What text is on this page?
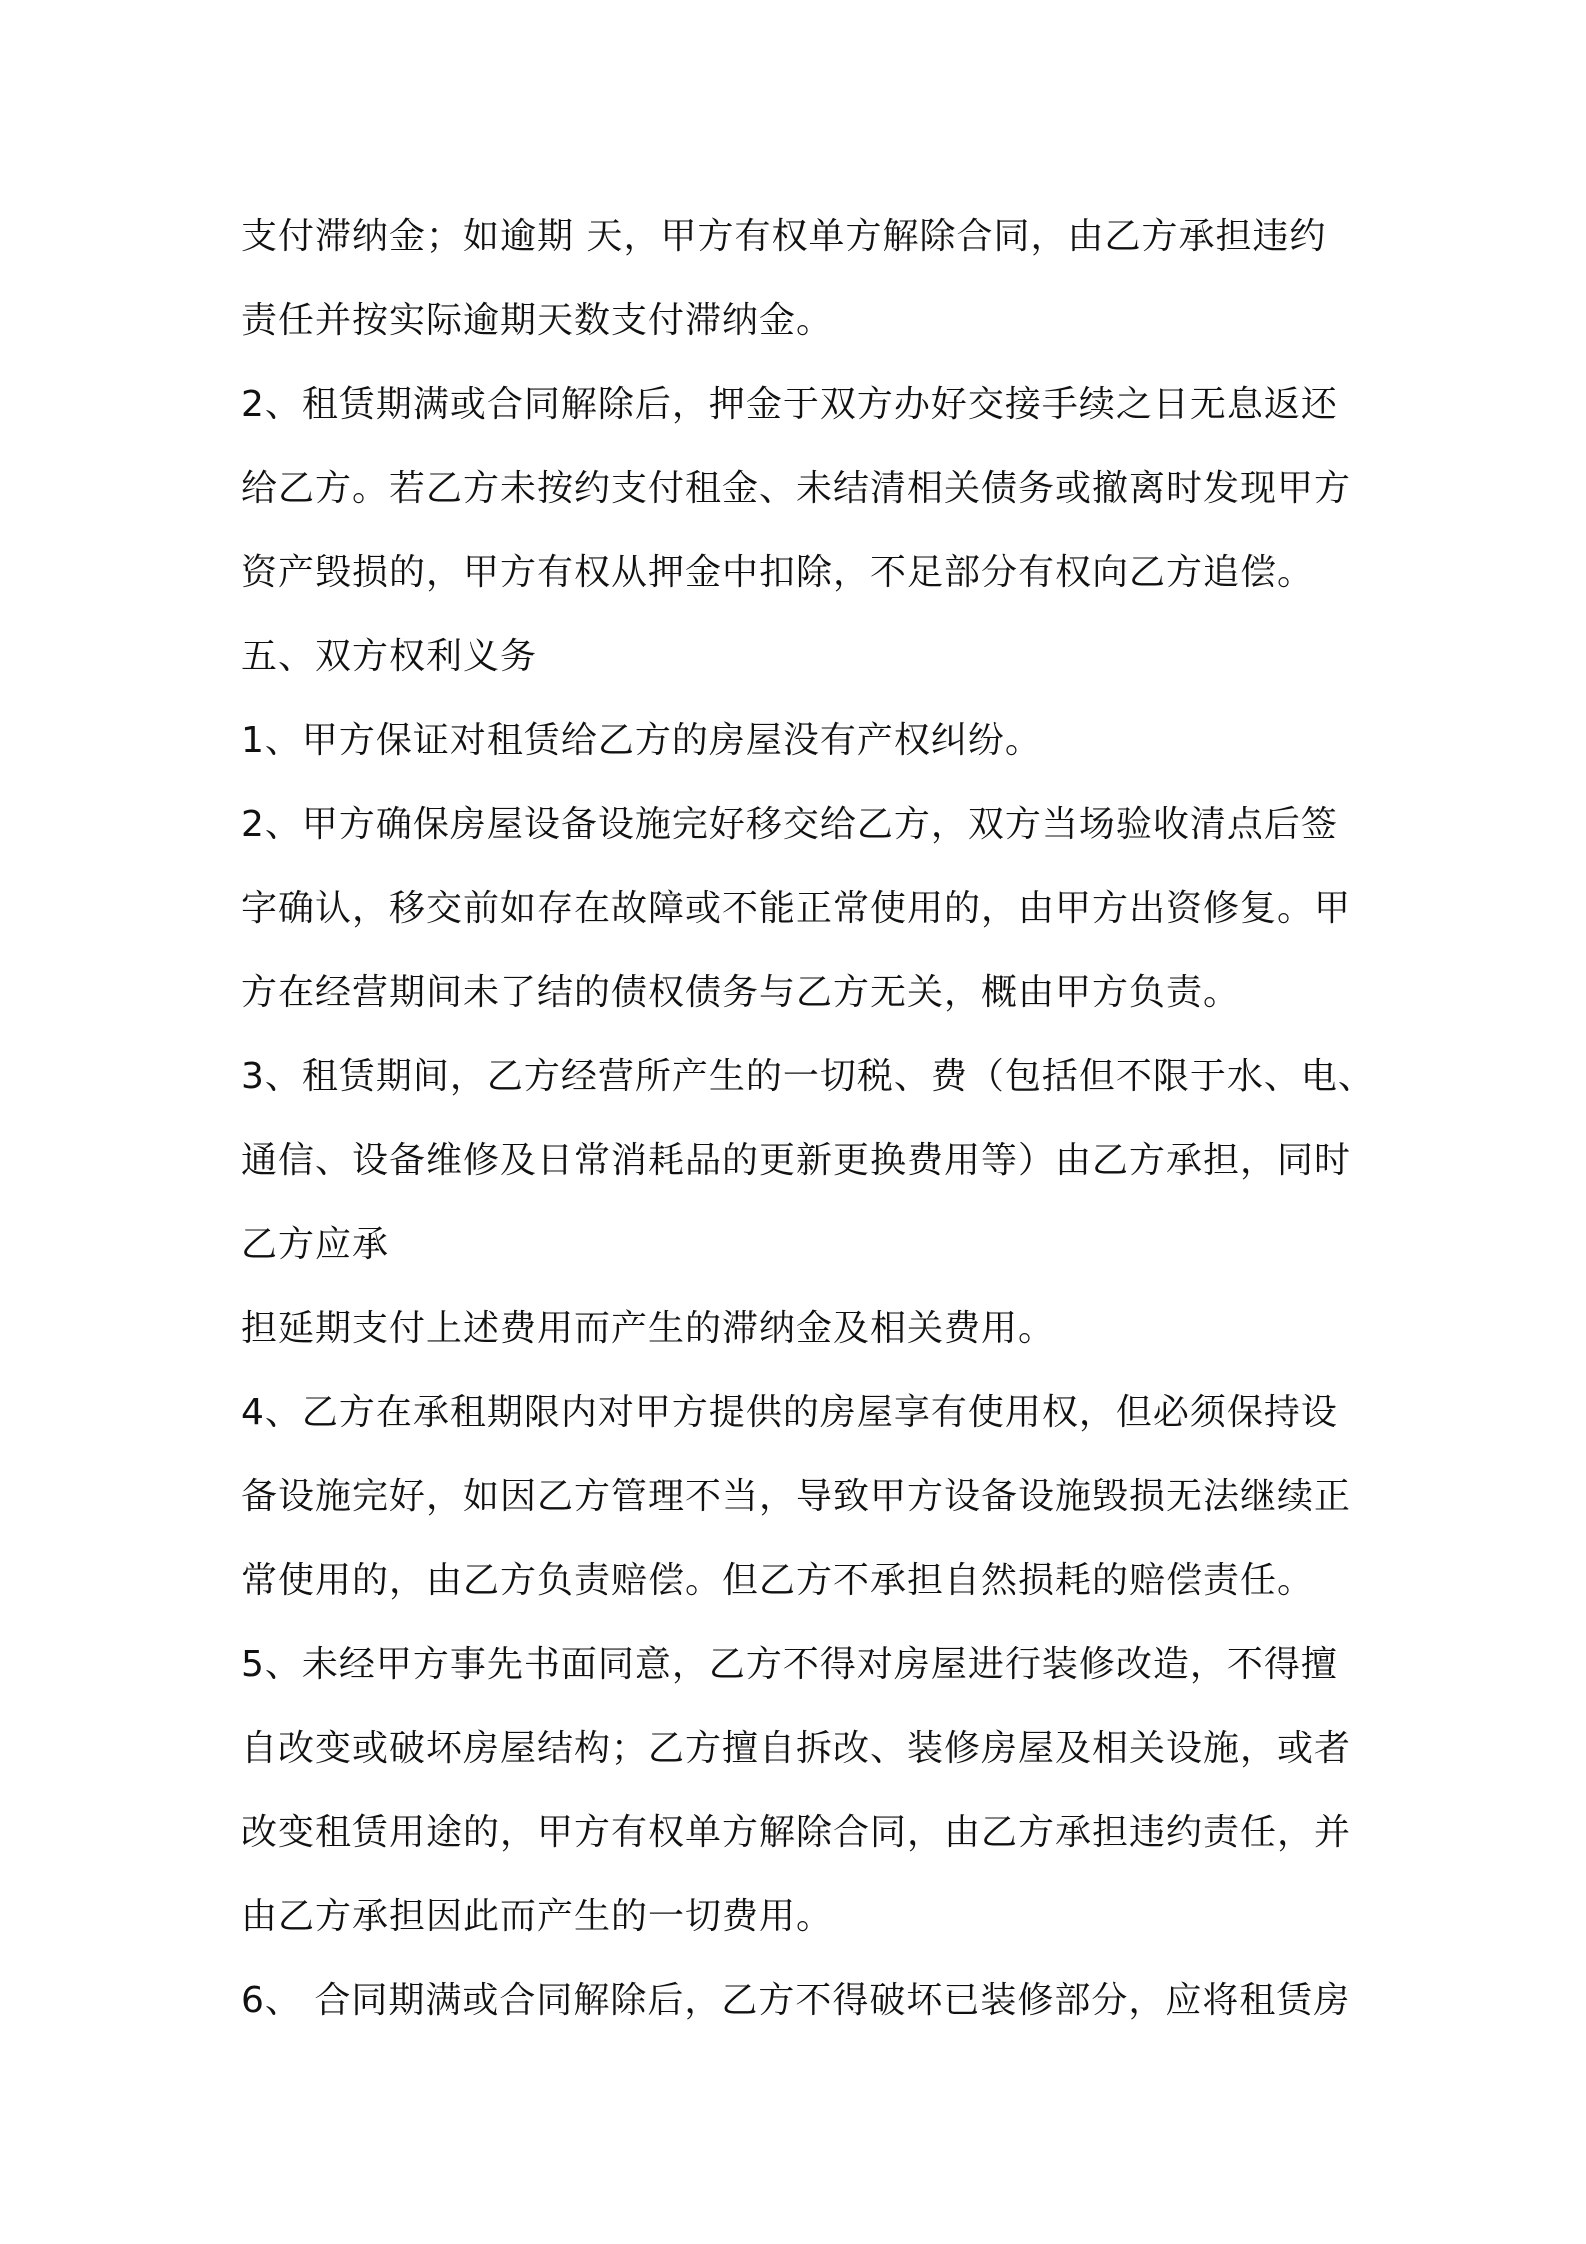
支付滞纳金；如逾期 天，甲方有权单方解除合同，由乙方承担违约
责任并按实际逾期天数支付滞纳金。
2、租赁期满或合同解除后，押金于双方办好交接手续之日无息返还
给乙方。若乙方未按约支付租金、未结清相关债务或撤离时发现甲方
资产毁损的，甲方有权从押金中扣除，不足部分有权向乙方追偿。
五、双方权利义务
1、甲方保证对租赁给乙方的房屋没有产权纠纷。
2、甲方确保房屋设备设施完好移交给乙方，双方当场验收清点后签
字确认，移交前如存在故障或不能正常使用的，由甲方出资修复。甲
方在经营期间未了结的债权债务与乙方无关，概由甲方负责。
3、租赁期间，乙方经营所产生的一切税、费（包括但不限于水、电、
通信、设备维修及日常消耗品的更新更换费用等）由乙方承担，同时
乙方应承
担延期支付上述费用而产生的滞纳金及相关费用。
4、乙方在承租期限内对甲方提供的房屋享有使用权，但必须保持设
备设施完好，如因乙方管理不当，导致甲方设备设施毁损无法继续正
常使用的，由乙方负责赔偿。但乙方不承担自然损耗的赔偿责任。
5、未经甲方事先书面同意，乙方不得对房屋进行装修改造，不得擅
自改变或破坏房屋结构；乙方擅自拆改、装修房屋及相关设施，或者
改变租赁用途的，甲方有权单方解除合同，由乙方承担违约责任，并
由乙方承担因此而产生的一切费用。
6、 合同期满或合同解除后，乙方不得破坏已装修部分，应将租赁房
